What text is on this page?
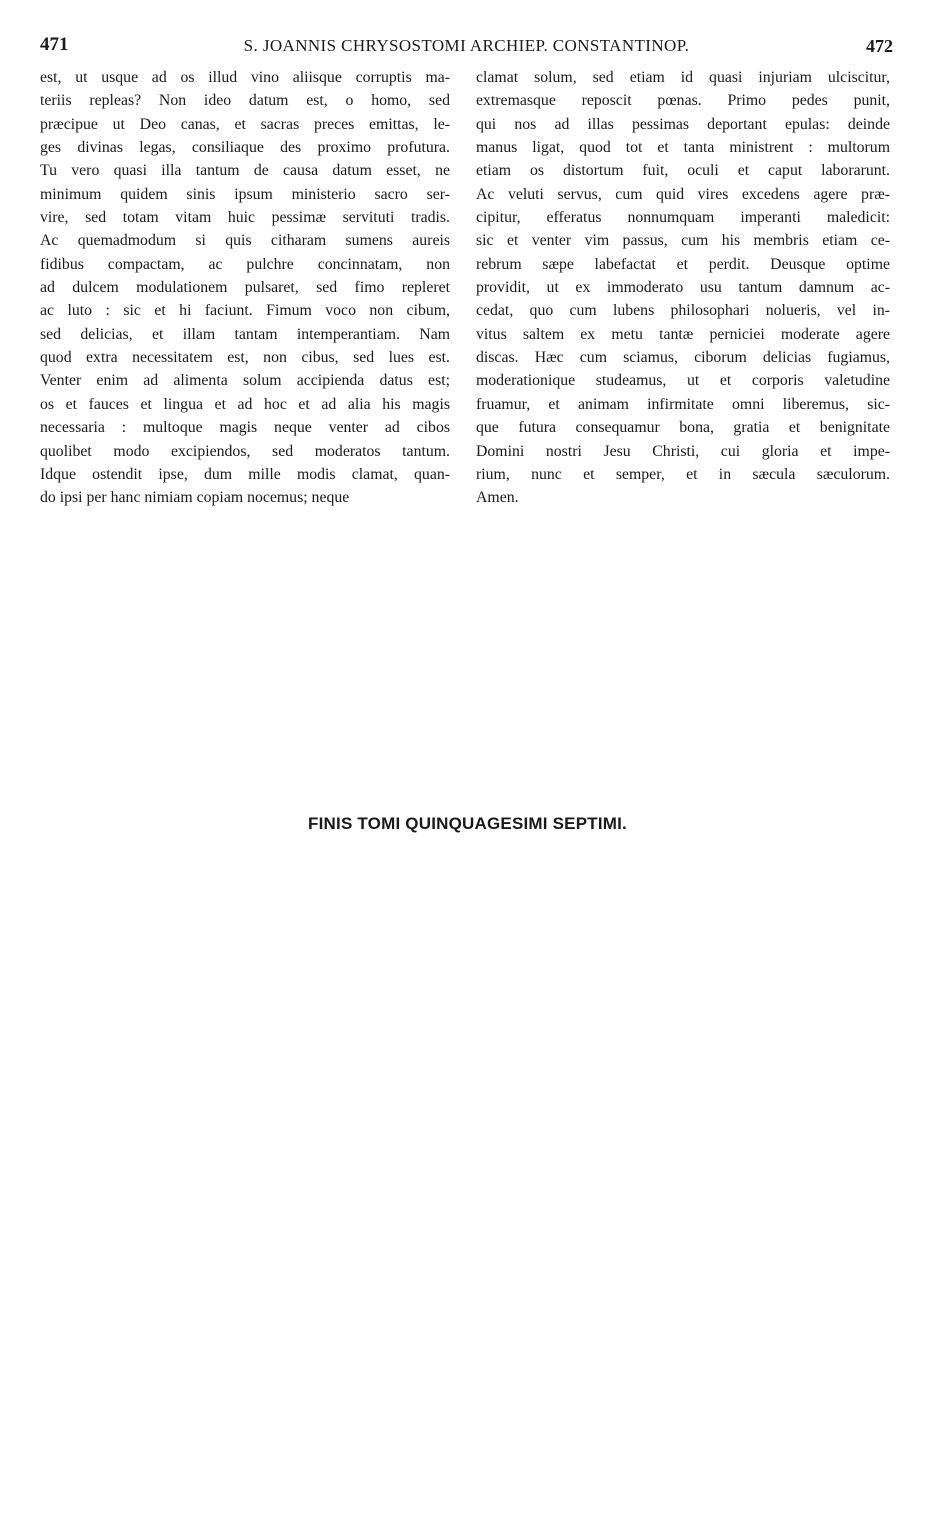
471	S. JOANNIS CHRYSOSTOMI ARCHIEP. CONSTANTINOP.	472
est, ut usque ad os illud vino aliisque corruptis ma-
teriis repleas? Non ideo datum est, o homo, sed
præcipue ut Deo canas, et sacras preces emittas, le-
ges divinas legas, consiliaque des proximo profutura.
Tu vero quasi illa tantum de causa datum esset, ne
minimum quidem sinis ipsum ministerio sacro ser-
vire, sed totam vitam huic pessimæ servituti tradis.
Ac quemadmodum si quis citharam sumens aureis
fidibus compactam, ac pulchre concinnatam, non
ad dulcem modulationem pulsaret, sed fimo repleret
ac luto : sic et hi faciunt. Fimum voco non cibum,
sed delicias, et illam tantam intemperantiam. Nam
quod extra necessitatem est, non cibus, sed lues est.
Venter enim ad alimenta solum accipienda datus est;
os et fauces et lingua et ad hoc et ad alia his magis
necessaria : multoque magis neque venter ad cibos
quolibet modo excipiendos, sed moderatos tantum.
Idque ostendit ipse, dum mille modis clamat, quan-
do ipsi per hanc nimiam copiam nocemus; neque
clamat solum, sed etiam id quasi injuriam ulciscitur,
extremasque reposcit pœnas. Primo pedes punit,
qui nos ad illas pessimas deportant epulas: deinde
manus ligat, quod tot et tanta ministrent : multorum
etiam os distortum fuit, oculi et caput laborarunt.
Ac veluti servus, cum quid vires excedens agere præ-
cipitur, efferatus nonnumquam imperanti maledicit:
sic et venter vim passus, cum his membris etiam ce-
rebrum sæpe labefactat et perdit. Deusque optime
providit, ut ex immoderato usu tantum damnum ac-
cedat, quo cum lubens philosophari nolueris, vel in-
vitus saltem ex metu tantæ perniciei moderate agere
discas. Hæc cum sciamus, ciborum delicias fugiamus,
moderationique studeamus, ut et corporis valetudine
fruamur, et animam infirmitate omni liberemus, sic-
que futura consequamur bona, gratia et benignitate
Domini nostri Jesu Christi, cui gloria et impe-
rium, nunc et semper, et in sæcula sæculorum.
Amen.
FINIS TOMI QUINQUAGESIMI SEPTIMI.
